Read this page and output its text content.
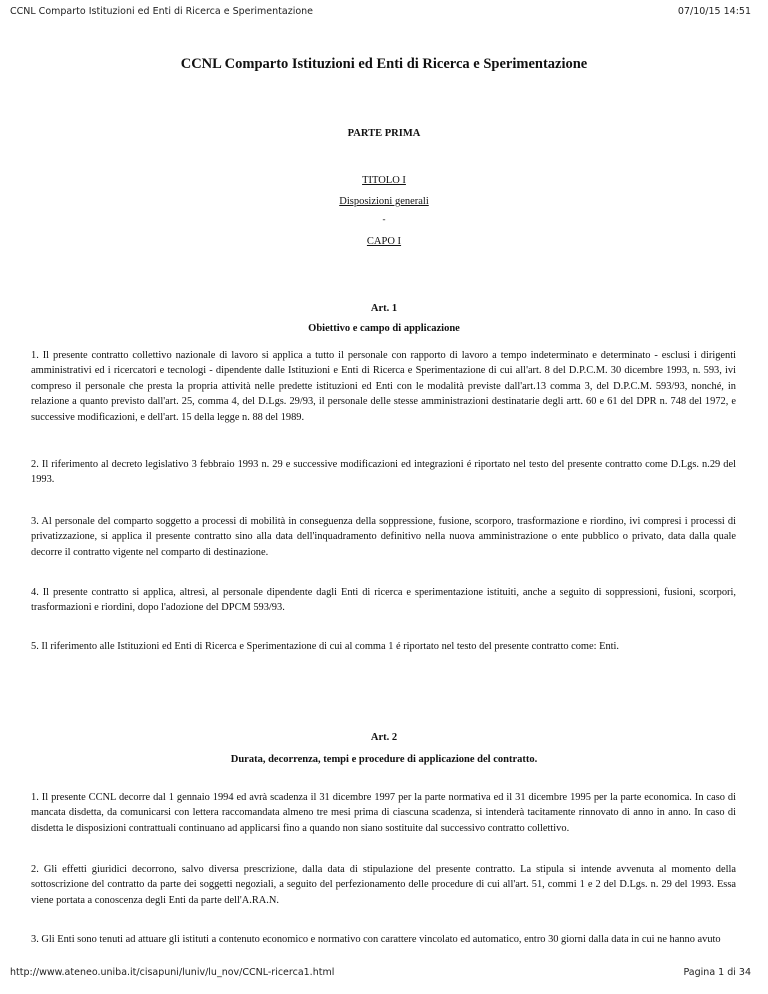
CCNL Comparto Istituzioni ed Enti di Ricerca e Sperimentazione	07/10/15 14:51
CCNL Comparto Istituzioni ed Enti di Ricerca e Sperimentazione
PARTE PRIMA
TITOLO I
Disposizioni generali
-
CAPO I
Art. 1
Obiettivo e campo di applicazione
1. Il presente contratto collettivo nazionale di lavoro si applica a tutto il personale con rapporto di lavoro a tempo indeterminato e determinato - esclusi i dirigenti amministrativi ed i ricercatori e tecnologi - dipendente dalle Istituzioni e Enti di Ricerca e Sperimentazione di cui all'art. 8 del D.P.C.M. 30 dicembre 1993, n. 593, ivi compreso il personale che presta la propria attività nelle predette istituzioni ed Enti con le modalità previste dall'art.13 comma 3, del D.P.C.M. 593/93, nonché, in relazione a quanto previsto dall'art. 25, comma 4, del D.Lgs. 29/93, il personale delle stesse amministrazioni destinatarie degli artt. 60 e 61 del DPR n. 748 del 1972, e successive modificazioni, e dell'art. 15 della legge n. 88 del 1989.
2. Il riferimento al decreto legislativo 3 febbraio 1993 n. 29 e successive modificazioni ed integrazioni é riportato nel testo del presente contratto come D.Lgs. n.29 del 1993.
3. Al personale del comparto soggetto a processi di mobilità in conseguenza della soppressione, fusione, scorporo, trasformazione e riordino, ivi compresi i processi di privatizzazione, si applica il presente contratto sino alla data dell'inquadramento definitivo nella nuova amministrazione o ente pubblico o privato, data dalla quale decorre il contratto vigente nel comparto di destinazione.
4. Il presente contratto si applica, altresì, al personale dipendente dagli Enti di ricerca e sperimentazione istituiti, anche a seguito di soppressioni, fusioni, scorpori, trasformazioni e riordini, dopo l'adozione del DPCM 593/93.
5. Il riferimento alle Istituzioni ed Enti di Ricerca e Sperimentazione di cui al comma 1 é riportato nel testo del presente contratto come: Enti.
Art. 2
Durata, decorrenza, tempi e procedure di applicazione del contratto.
1. Il presente CCNL decorre dal 1 gennaio 1994 ed avrà scadenza il 31 dicembre 1997 per la parte normativa ed il 31 dicembre 1995 per la parte economica. In caso di mancata disdetta, da comunicarsi con lettera raccomandata almeno tre mesi prima di ciascuna scadenza, si intenderà tacitamente rinnovato di anno in anno. In caso di disdetta le disposizioni contrattuali continuano ad applicarsi fino a quando non siano sostituite dal successivo contratto collettivo.
2. Gli effetti giuridici decorrono, salvo diversa prescrizione, dalla data di stipulazione del presente contratto. La stipula si intende avvenuta al momento della sottoscrizione del contratto da parte dei soggetti negoziali, a seguito del perfezionamento delle procedure di cui all'art. 51, commi 1 e 2 del D.Lgs. n. 29 del 1993. Essa viene portata a conoscenza degli Enti da parte dell'A.RA.N.
3. Gli Enti sono tenuti ad attuare gli istituti a contenuto economico e normativo con carattere vincolato ed automatico, entro 30 giorni dalla data in cui ne hanno avuto
http://www.ateneo.uniba.it/cisapuni/luniv/lu_nov/CCNL-ricerca1.html	Pagina 1 di 34
